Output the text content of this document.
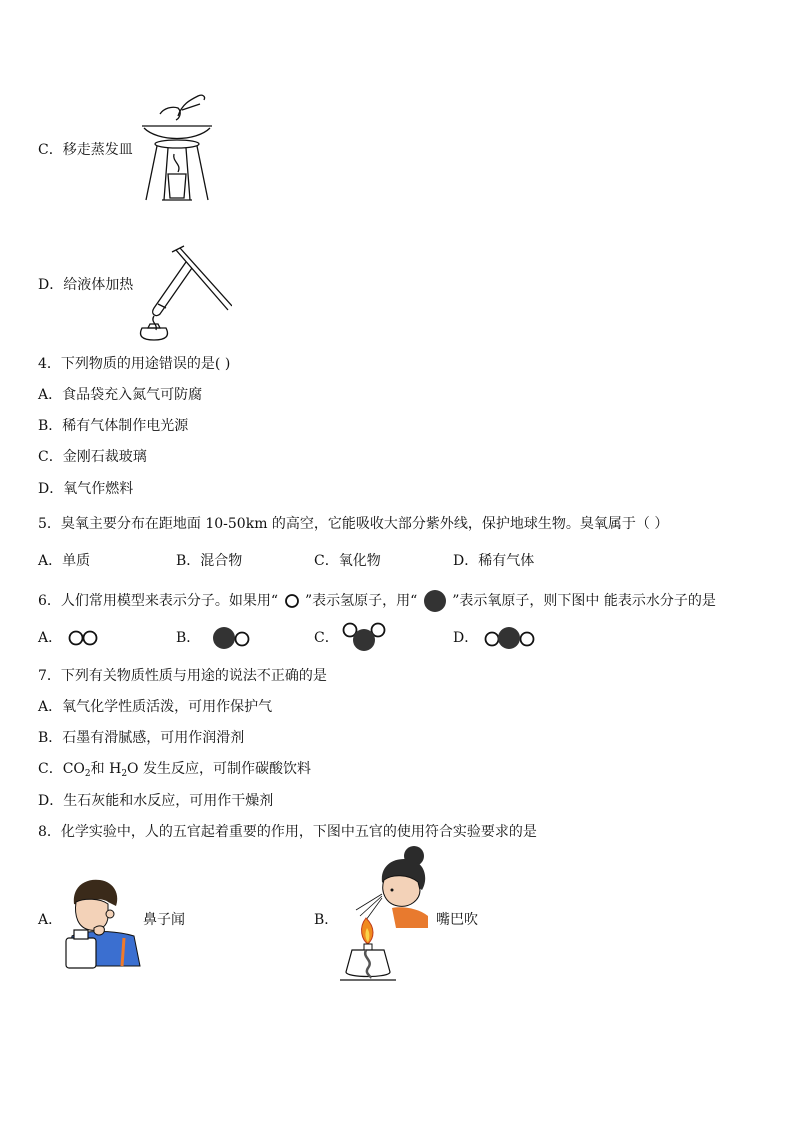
C．移走蒸发皿
D．给液体加热
4．下列物质的用途错误的是( )
A．食品袋充入氮气可防腐
B．稀有气体制作电光源
C．金刚石裁玻璃
D．氧气作燃料
5．臭氧主要分布在距地面 10-50km 的高空，它能吸收大部分紫外线，保护地球生物。臭氧属于（ ）
A．单质	B．混合物	C．氧化物	D．稀有气体
6．人们常用模型来表示分子。如果用“ ”表示氢原子，用“ ”表示氧原子，则下图中 能表示水分子的是
A．	B．	C．	D．
7．下列有关物质性质与用途的说法不正确的是
A．氧气化学性质活泼，可用作保护气
B．石墨有滑腻感，可用作润滑剂
C．$CO_2$和 $H_2O$ 发生反应，可制作碳酸饮料
D．生石灰能和水反应，可用作干燥剂
8．化学实验中，人的五官起着重要的作用，下图中五官的使用符合实验要求的是
A．	鼻子闻	B．	嘴巴吹
